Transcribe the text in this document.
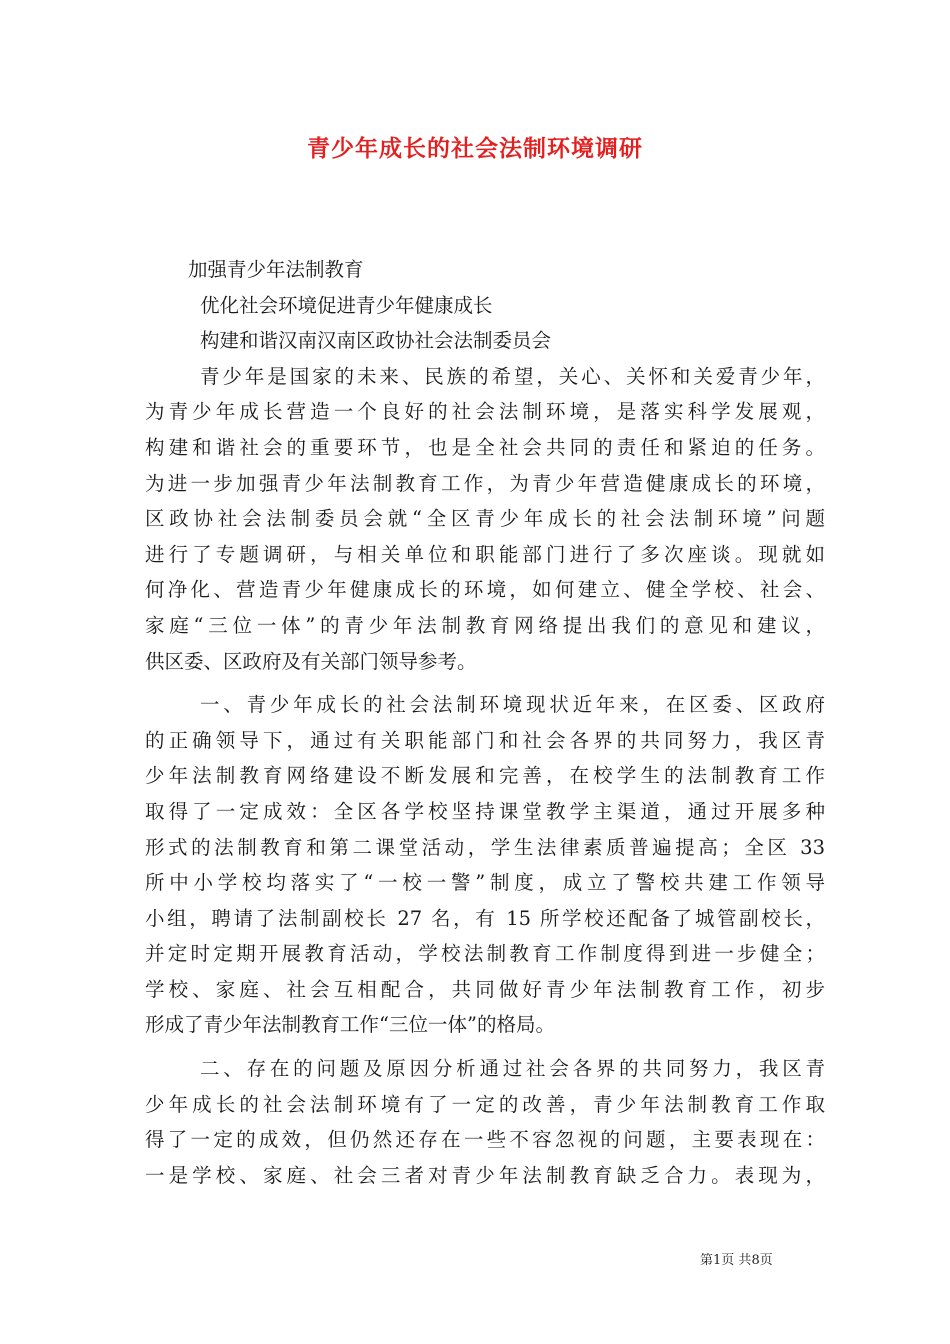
青少年成长的社会法制环境调研
加强青少年法制教育
优化社会环境促进青少年健康成长
构建和谐汉南汉南区政协社会法制委员会
青少年是国家的未来、民族的希望，关心、关怀和关爱青少年，
为青少年成长营造一个良好的社会法制环境，是落实科学发展观，
构建和谐社会的重要环节，也是全社会共同的责任和紧迫的任务。
为进一步加强青少年法制教育工作，为青少年营造健康成长的环境，
区政协社会法制委员会就“全区青少年成长的社会法制环境”问题
进行了专题调研，与相关单位和职能部门进行了多次座谈。现就如
何净化、营造青少年健康成长的环境，如何建立、健全学校、社会、
家庭“三位一体”的青少年法制教育网络提出我们的意见和建议，
供区委、区政府及有关部门领导参考。
一、青少年成长的社会法制环境现状近年来，在区委、区政府
的正确领导下，通过有关职能部门和社会各界的共同努力，我区青
少年法制教育网络建设不断发展和完善，在校学生的法制教育工作
取得了一定成效：全区各学校坚持课堂教学主渠道，通过开展多种
形式的法制教育和第二课堂活动，学生法律素质普遍提高；全区 33
所中小学校均落实了“一校一警”制度，成立了警校共建工作领导
小组，聘请了法制副校长 27 名，有 15 所学校还配备了城管副校长，
并定时定期开展教育活动，学校法制教育工作制度得到进一步健全；
学校、家庭、社会互相配合，共同做好青少年法制教育工作，初步
形成了青少年法制教育工作“三位一体”的格局。
二、存在的问题及原因分析通过社会各界的共同努力，我区青
少年成长的社会法制环境有了一定的改善，青少年法制教育工作取
得了一定的成效，但仍然还存在一些不容忽视的问题，主要表现在：
一是学校、家庭、社会三者对青少年法制教育缺乏合力。表现为，
第1页 共8页
